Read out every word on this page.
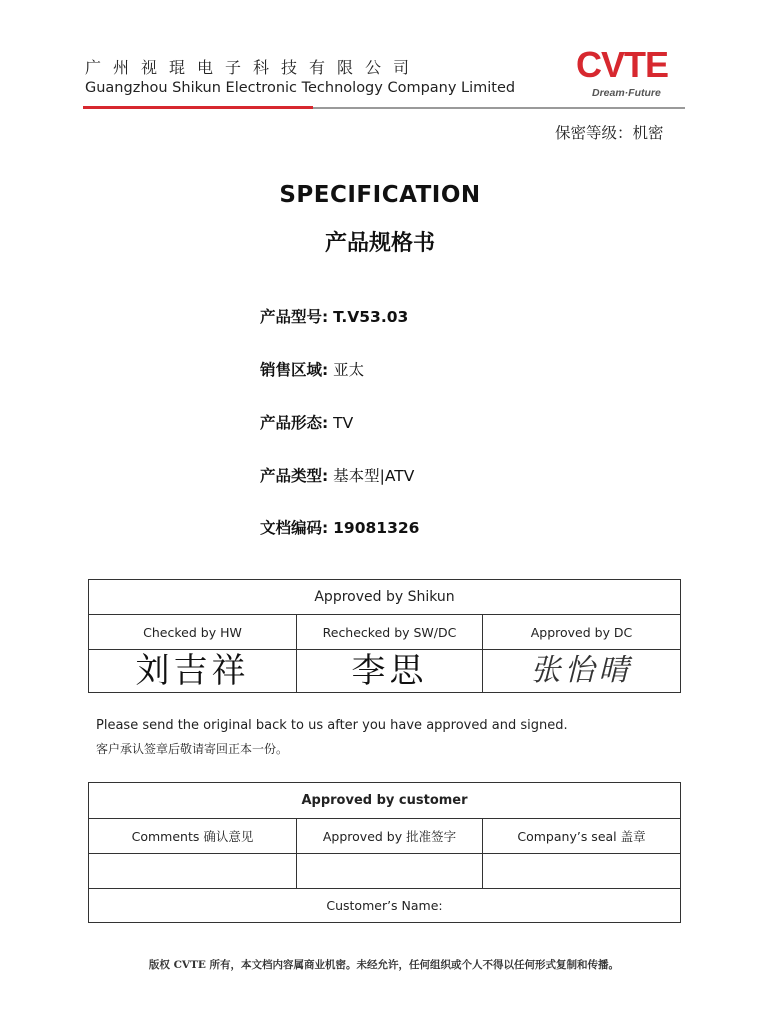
广州视琨电子科技有限公司
Guangzhou Shikun Electronic Technology Company Limited
CVTE
Dream·Future
保密等级：机密
SPECIFICATION
产品规格书
产品型号: T.V53.03
销售区域: 亚太
产品形态: TV
产品类型: 基本型|ATV
文档编码: 19081326
Approved by Shikun		
Checked by HW	Rechecked by SW/DC	Approved by DC
刘吉祥	李思	张怡晴
Please send the original back to us after you have approved and signed.
客户承认签章后敬请寄回正本一份。
Approved by customer		
Comments 确认意见	Approved by 批准签字	Company’s seal 盖章

Customer’s Name:		
版权 CVTE 所有，本文档内容属商业机密。未经允许，任何组织或个人不得以任何形式复制和传播。
